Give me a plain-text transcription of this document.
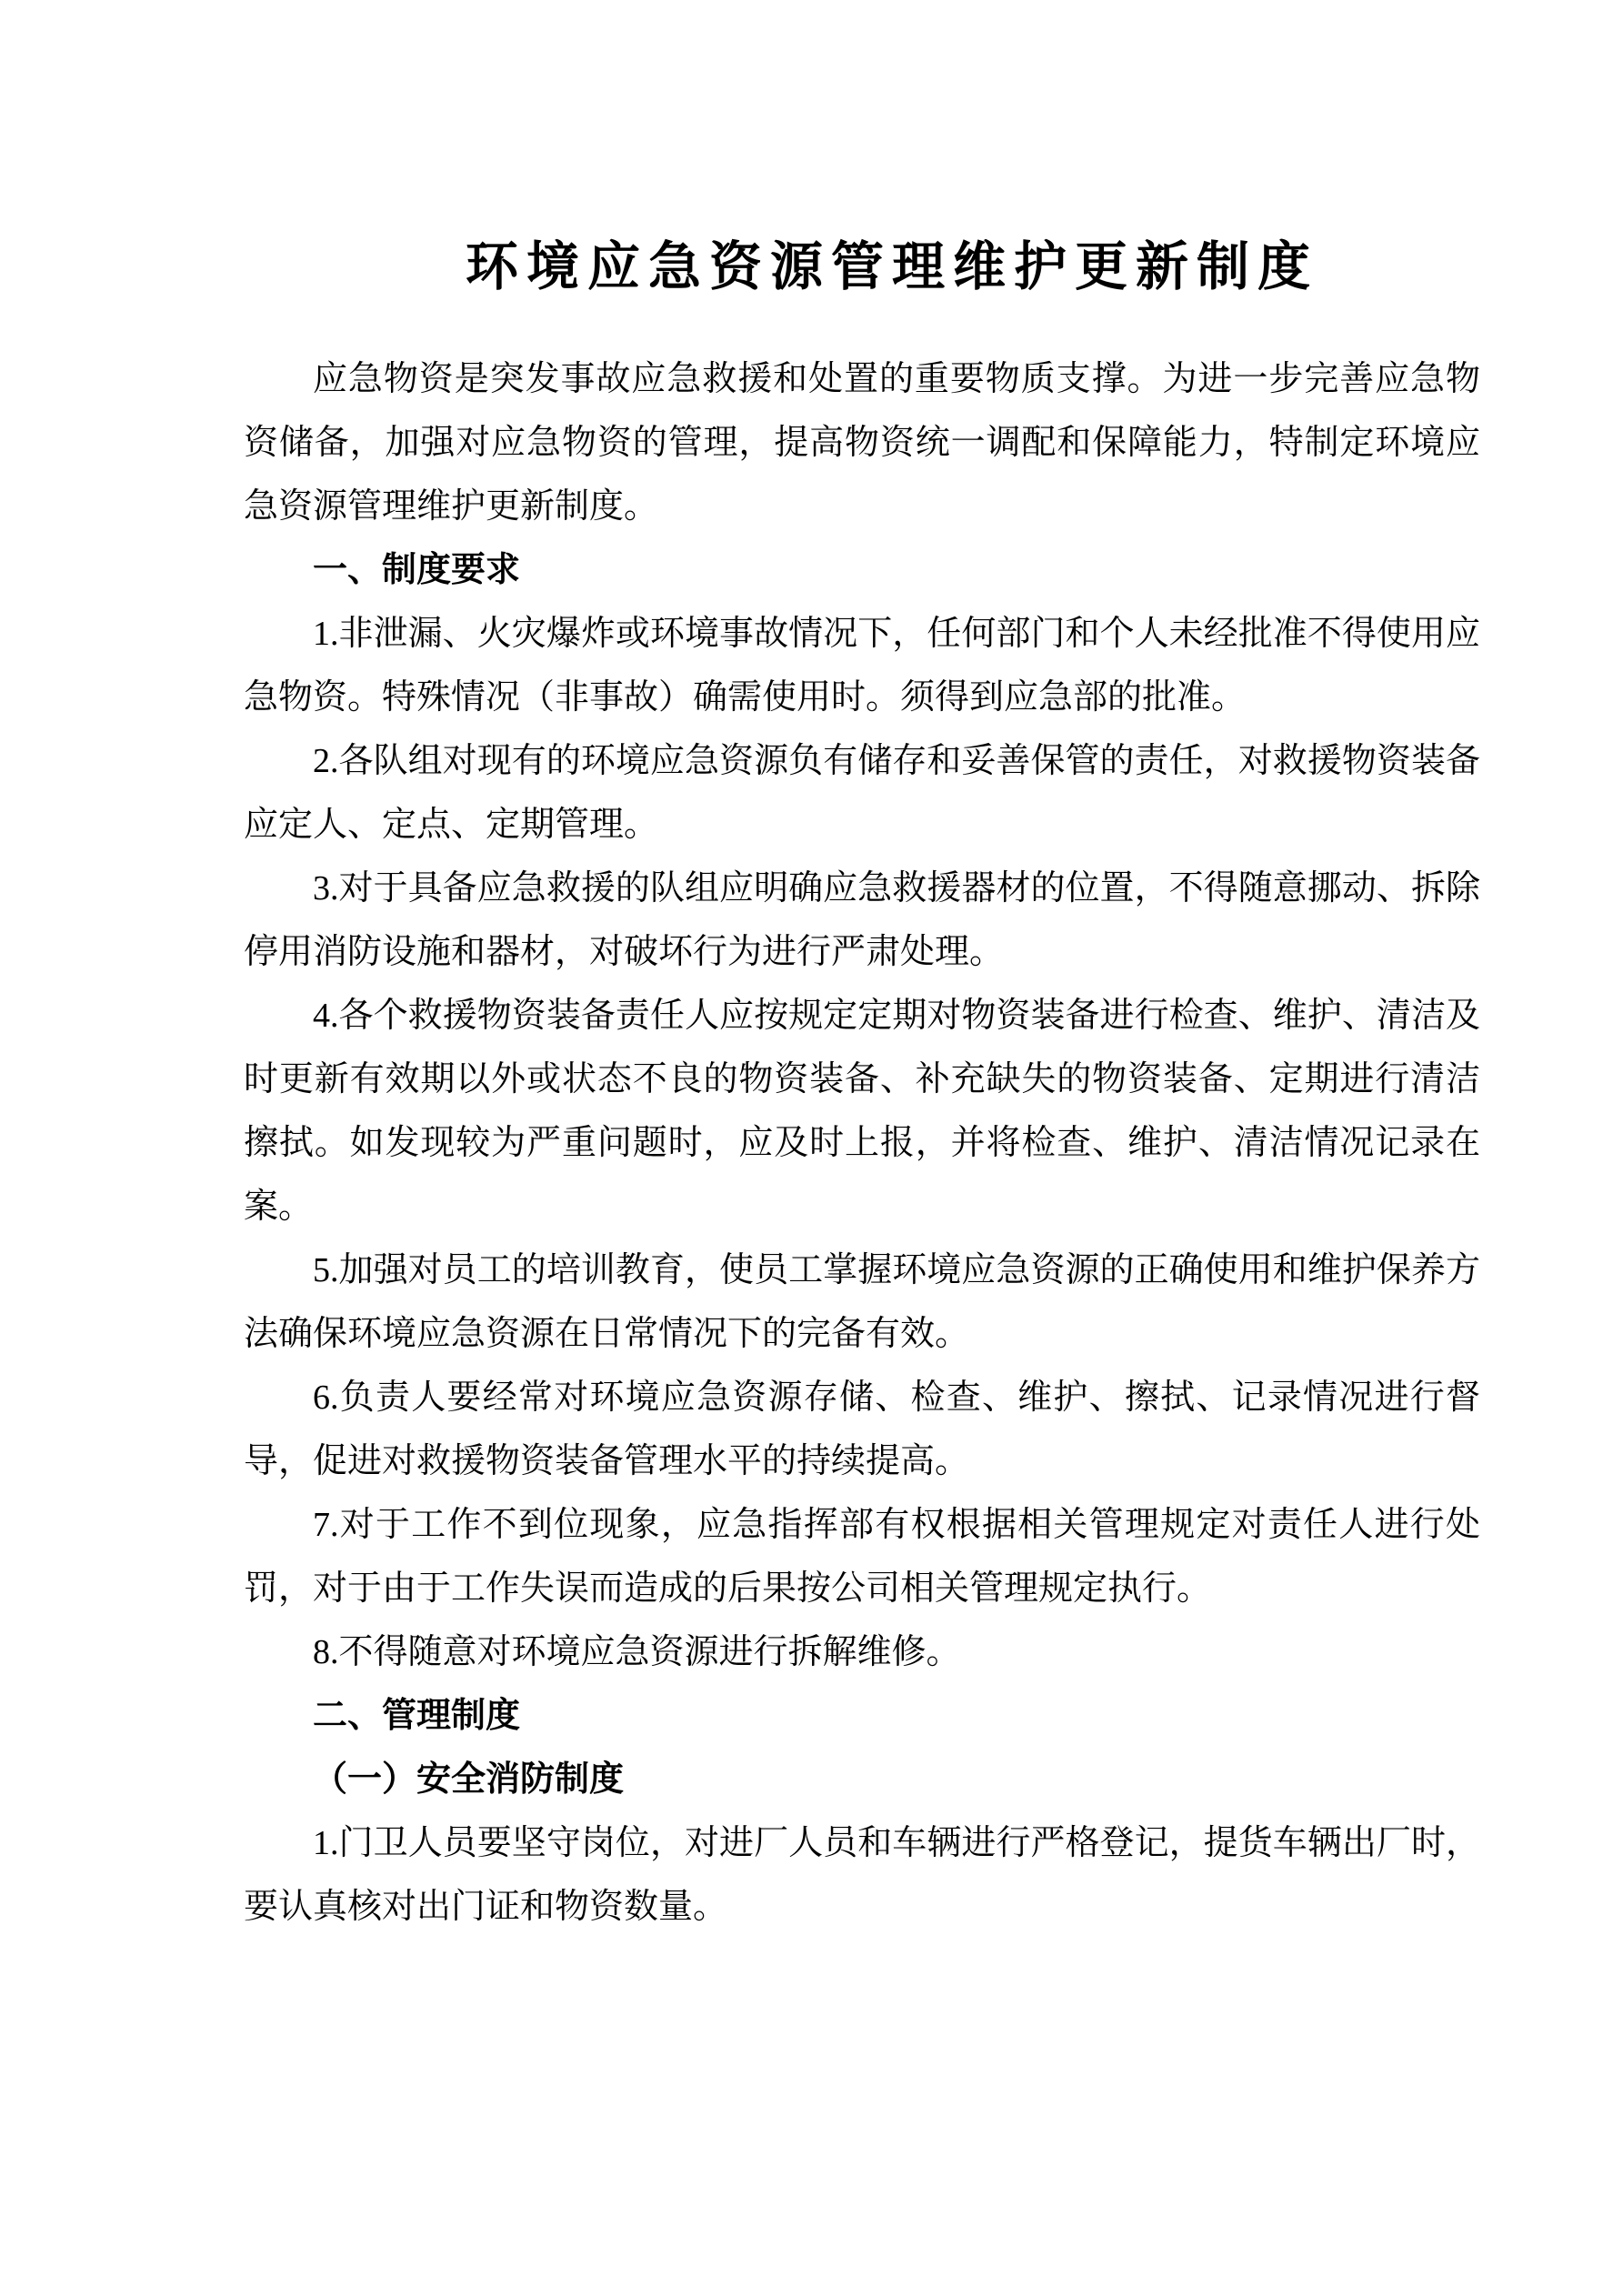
环境应急资源管理维护更新制度

应急物资是突发事故应急救援和处置的重要物质支撑。为进一步完善应急物资储备，加强对应急物资的管理，提高物资统一调配和保障能力，特制定环境应急资源管理维护更新制度。

一、制度要求

1.非泄漏、火灾爆炸或环境事故情况下，任何部门和个人未经批准不得使用应急物资。特殊情况（非事故）确需使用时。须得到应急部的批准。

2.各队组对现有的环境应急资源负有储存和妥善保管的责任，对救援物资装备应定人、定点、定期管理。

3.对于具备应急救援的队组应明确应急救援器材的位置，不得随意挪动、拆除停用消防设施和器材，对破坏行为进行严肃处理。

4.各个救援物资装备责任人应按规定定期对物资装备进行检查、维护、清洁及时更新有效期以外或状态不良的物资装备、补充缺失的物资装备、定期进行清洁擦拭。如发现较为严重问题时，应及时上报，并将检查、维护、清洁情况记录在案。

5.加强对员工的培训教育，使员工掌握环境应急资源的正确使用和维护保养方法确保环境应急资源在日常情况下的完备有效。

6.负责人要经常对环境应急资源存储、检查、维护、擦拭、记录情况进行督导，促进对救援物资装备管理水平的持续提高。

7.对于工作不到位现象，应急指挥部有权根据相关管理规定对责任人进行处罚，对于由于工作失误而造成的后果按公司相关管理规定执行。

8.不得随意对环境应急资源进行拆解维修。

二、管理制度

（一）安全消防制度

1.门卫人员要坚守岗位，对进厂人员和车辆进行严格登记，提货车辆出厂时，要认真核对出门证和物资数量。
